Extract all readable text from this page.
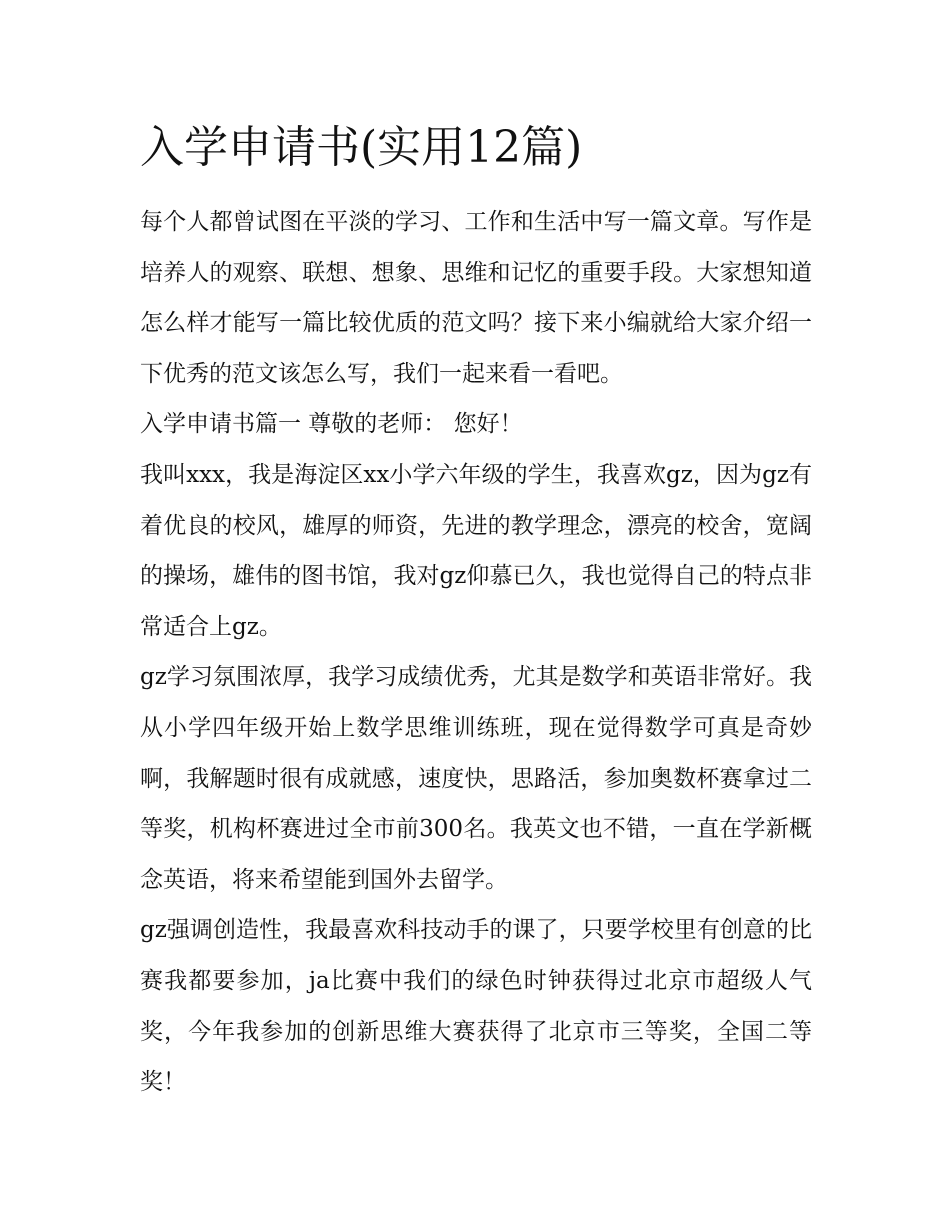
入学申请书(实用12篇)

每个人都曾试图在平淡的学习、工作和生活中写一篇文章。写作是培养人的观察、联想、想象、思维和记忆的重要手段。大家想知道怎么样才能写一篇比较优质的范文吗？接下来小编就给大家介绍一下优秀的范文该怎么写，我们一起来看一看吧。

入学申请书篇一 尊敬的老师： 您好！

我叫xxx，我是海淀区xx小学六年级的学生，我喜欢gz，因为gz有着优良的校风，雄厚的师资，先进的教学理念，漂亮的校舍，宽阔的操场，雄伟的图书馆，我对gz仰慕已久，我也觉得自己的特点非常适合上gz。

gz学习氛围浓厚，我学习成绩优秀，尤其是数学和英语非常好。我从小学四年级开始上数学思维训练班，现在觉得数学可真是奇妙啊，我解题时很有成就感，速度快，思路活，参加奥数杯赛拿过二等奖，机构杯赛进过全市前300名。我英文也不错，一直在学新概念英语，将来希望能到国外去留学。

gz强调创造性，我最喜欢科技动手的课了，只要学校里有创意的比赛我都要参加，ja比赛中我们的绿色时钟获得过北京市超级人气奖，今年我参加的创新思维大赛获得了北京市三等奖，全国二等奖！
